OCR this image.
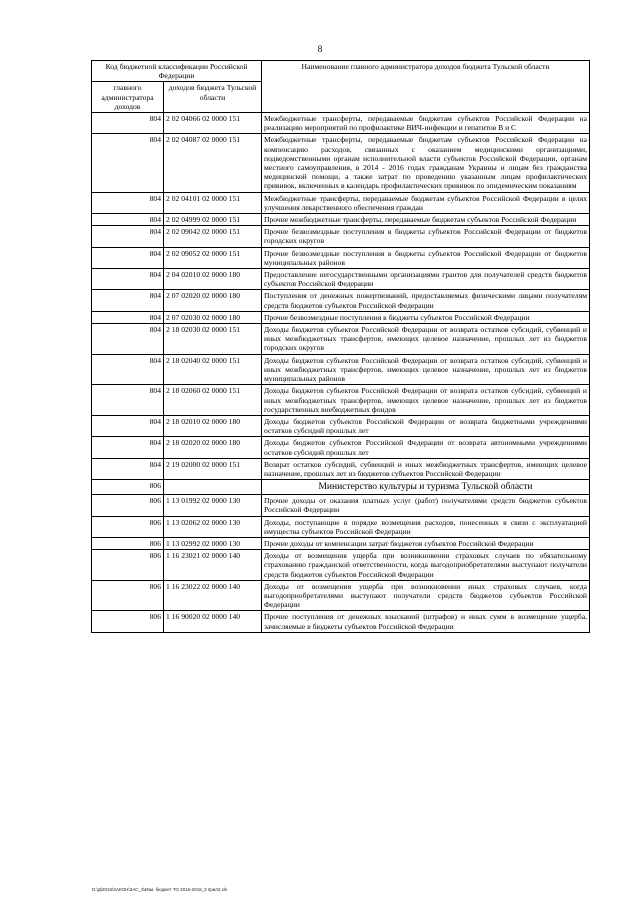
8
Код бюджетной классификации Российской Федерации		Наименование главного администратора доходов бюджета Тульской области
главного администратора доходов	доходов бюджета Тульской области	
804	2 02 04066 02 0000 151	Межбюджетные трансферты, передаваемые бюджетам субъектов Российской Федерации на реализацию мероприятий по профилактике ВИЧ-инфекции и гепатитов B и C
804	2 02 04087 02 0000 151	Межбюджетные трансферты, передаваемые бюджетам субъектов Российской Федерации на компенсацию расходов, связанных с оказанием медицинскими организациями, подведомственными органам исполнительной власти субъектов Российской Федерации, органам местного самоуправления, в 2014 - 2016 годах гражданам Украины и лицам без гражданства медицинской помощи, а также затрат по проведению указанным лицам профилактических прививок, включенных в календарь профилактических прививок по эпидемическим показаниям
804	2 02 04101 02 0000 151	Межбюджетные трансферты, передаваемые бюджетам субъектов Российской Федерации в целях улучшения лекарственного обеспечения граждан
804	2 02 04999 02 0000 151	Прочие межбюджетные трансферты, передаваемые бюджетам субъектов Российской Федерации
804	2 02 09042 02 0000 151	Прочие безвозмездные поступления в бюджеты субъектов Российской Федерации от бюджетов городских округов
804	2 02 09052 02 0000 151	Прочие безвозмездные поступления в бюджеты субъектов Российской Федерации от бюджетов муниципальных районов
804	2 04 02010 02 0000 180	Предоставление негосударственными организациями грантов для получателей средств бюджетов субъектов Российской Федерации
804	2 07 02020 02 0000 180	Поступления от денежных пожертвований, предоставляемых физическими лицами получателям средств бюджетов субъектов Российской Федерации
804	2 07 02030 02 0000 180	Прочие безвозмездные поступления в бюджеты субъектов Российской Федерации
804	2 18 02030 02 0000 151	Доходы бюджетов субъектов Российской Федерации от возврата остатков субсидий, субвенций и иных межбюджетных трансфертов, имеющих целевое назначение, прошлых лет из бюджетов городских округов
804	2 18 02040 02 0000 151	Доходы бюджетов субъектов Российской Федерации от возврата остатков субсидий, субвенций и иных межбюджетных трансфертов, имеющих целевое назначение, прошлых лет из бюджетов муниципальных районов
804	2 18 02060 02 0000 151	Доходы бюджетов субъектов Российской Федерации от возврата остатков субсидий, субвенций и иных межбюджетных трансфертов, имеющих целевое назначение, прошлых лет из бюджетов государственных внебюджетных фондов
804	2 18 02010 02 0000 180	Доходы бюджетов субъектов Российской Федерации от возврата бюджетными учреждениями остатков субсидий прошлых лет
804	2 18 02020 02 0000 180	Доходы бюджетов субъектов Российской Федерации от возврата автономными учреждениями остатков субсидий прошлых лет
804	2 19 02000 02 0000 151	Возврат остатков субсидий, субвенций и иных межбюджетных трансфертов, имеющих целевое назначение, прошлых лет из бюджетов субъектов Российской Федерации
806		Министерство культуры и туризма Тульской области
806	1 13 01992 02 0000 130	Прочие доходы от оказания платных услуг (работ) получателями средств бюджетов субъектов Российской Федерации
806	1 13 02062 02 0000 130	Доходы, поступающие в порядке возмещения расходов, понесенных в связи с эксплуатацией имущества субъектов Российской Федерации
806	1 13 02992 02 0000 130	Прочие доходы от компенсации затрат бюджетов субъектов Российской Федерации
806	1 16 23021 02 0000 140	Доходы от возмещения ущерба при возникновении страховых случаев по обязательному страхованию гражданской ответственности, когда выгодоприобретателями выступают получатели средств бюджетов субъектов Российской Федерации
806	1 16 23022 02 0000 140	Доходы от возмещения ущерба при возникновении иных страховых случаев, когда выгодоприобретателями выступают получатели средств бюджетов субъектов Российской Федерации
806	1 16 90020 02 0000 140	Прочие поступления от денежных взысканий (штрафов) и иных сумм в возмещение ущерба, зачисляемые в бюджеты субъектов Российской Федерации
D:\Д\2016\ЗАКОН\ЗАС_3\Изм. бюджет ТО 2016-2018_3 прил2.xls
